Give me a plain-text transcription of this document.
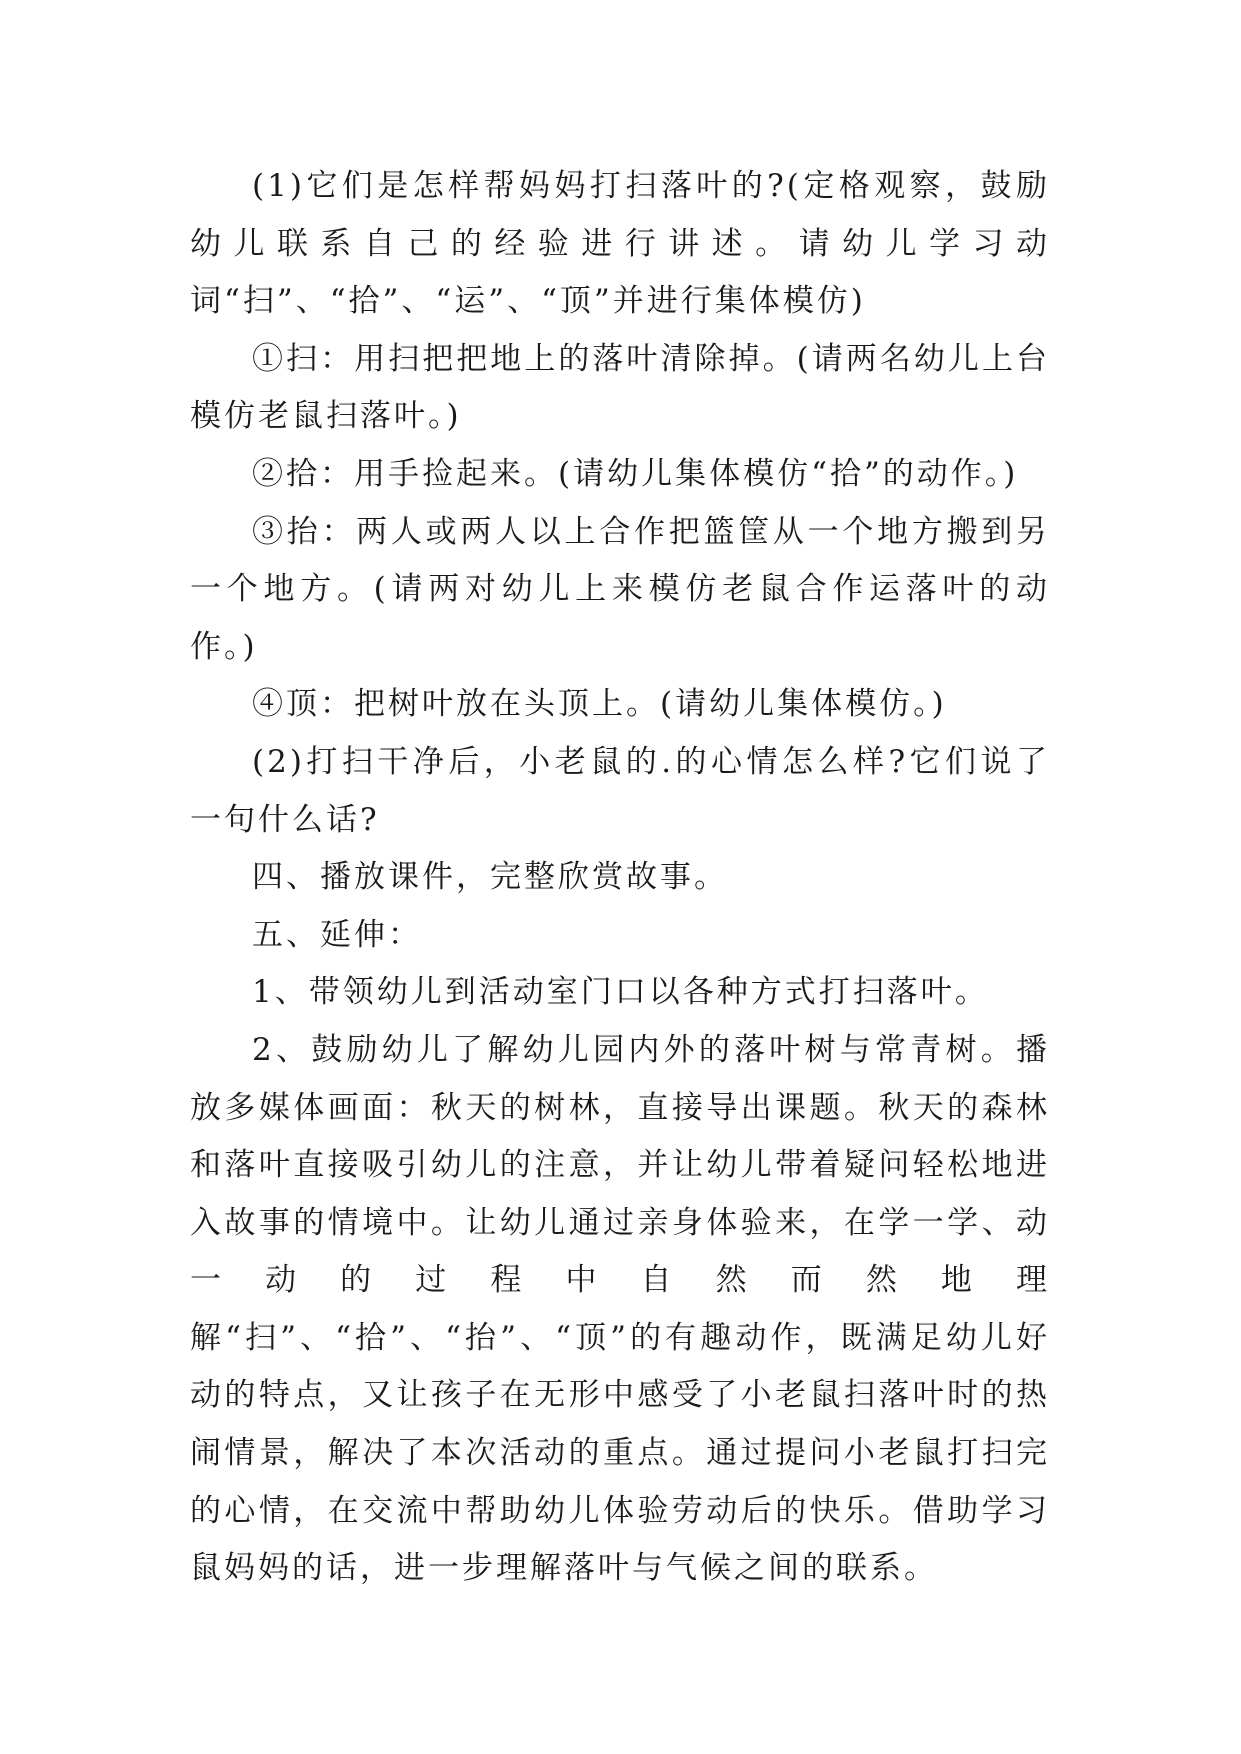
(1)它们是怎样帮妈妈打扫落叶的?(定格观察，鼓励幼儿联系自己的经验进行讲述。请幼儿学习动词“扫”、“拾”、“运”、“顶”并进行集体模仿)

①扫：用扫把把地上的落叶清除掉。(请两名幼儿上台模仿老鼠扫落叶。)

②拾：用手捡起来。(请幼儿集体模仿“拾”的动作。)

③抬：两人或两人以上合作把篮筐从一个地方搬到另一个地方。(请两对幼儿上来模仿老鼠合作运落叶的动作。)

④顶：把树叶放在头顶上。(请幼儿集体模仿。)

(2)打扫干净后，小老鼠的.的心情怎么样?它们说了一句什么话?

四、播放课件，完整欣赏故事。

五、延伸：

1、带领幼儿到活动室门口以各种方式打扫落叶。

2、鼓励幼儿了解幼儿园内外的落叶树与常青树。播放多媒体画面：秋天的树林，直接导出课题。秋天的森林和落叶直接吸引幼儿的注意，并让幼儿带着疑问轻松地进入故事的情境中。让幼儿通过亲身体验来，在学一学、动一动的过程中自然而然地理解“扫”、“拾”、“抬”、“顶”的有趣动作，既满足幼儿好动的特点，又让孩子在无形中感受了小老鼠扫落叶时的热闹情景，解决了本次活动的重点。通过提问小老鼠打扫完的心情，在交流中帮助幼儿体验劳动后的快乐。借助学习鼠妈妈的话，进一步理解落叶与气候之间的联系。
